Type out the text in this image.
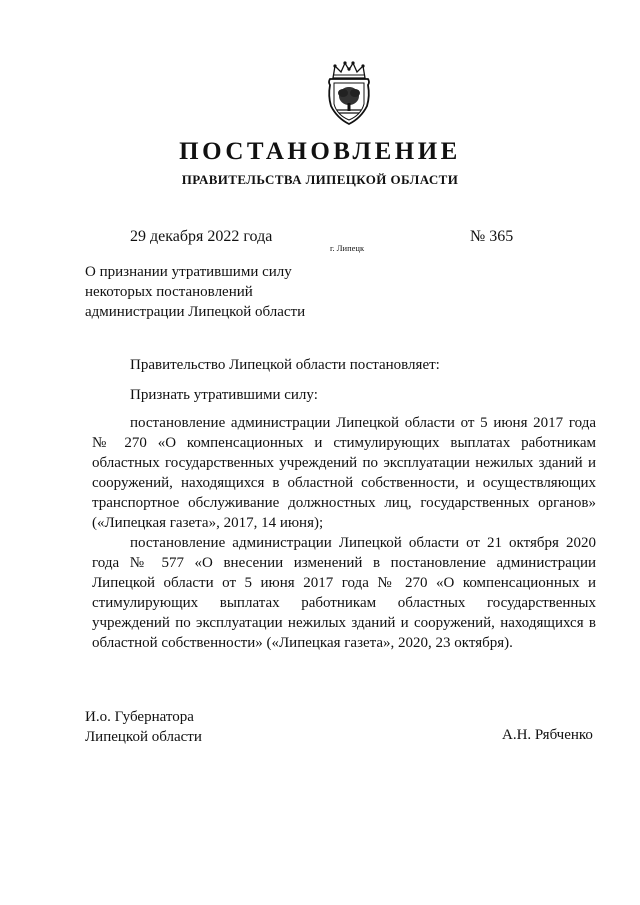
ПОСТАНОВЛЕНИЕ
ПРАВИТЕЛЬСТВА ЛИПЕЦКОЙ ОБЛАСТИ
29 декабря 2022 года
г. Липецк
№ 365
О признании утратившими силу
некоторых постановлений
администрации Липецкой области

Правительство Липецкой области постановляет:

Признать утратившими силу:

постановление администрации Липецкой области от 5 июня 2017 года № 270 «О компенсационных и стимулирующих выплатах работникам областных государственных учреждений по эксплуатации нежилых зданий и сооружений, находящихся в областной собственности, и осуществляющих транспортное обслуживание должностных лиц, государственных органов» («Липецкая газета», 2017, 14 июня);

постановление администрации Липецкой области от 21 октября 2020 года № 577 «О внесении изменений в постановление администрации Липецкой области от 5 июня 2017 года № 270 «О компенсационных и стимулирующих выплатах работникам областных государственных учреждений по эксплуатации нежилых зданий и сооружений, находящихся в областной собственности» («Липецкая газета», 2020, 23 октября).

И.о. Губернатора
Липецкой области	А.Н. Рябченко
